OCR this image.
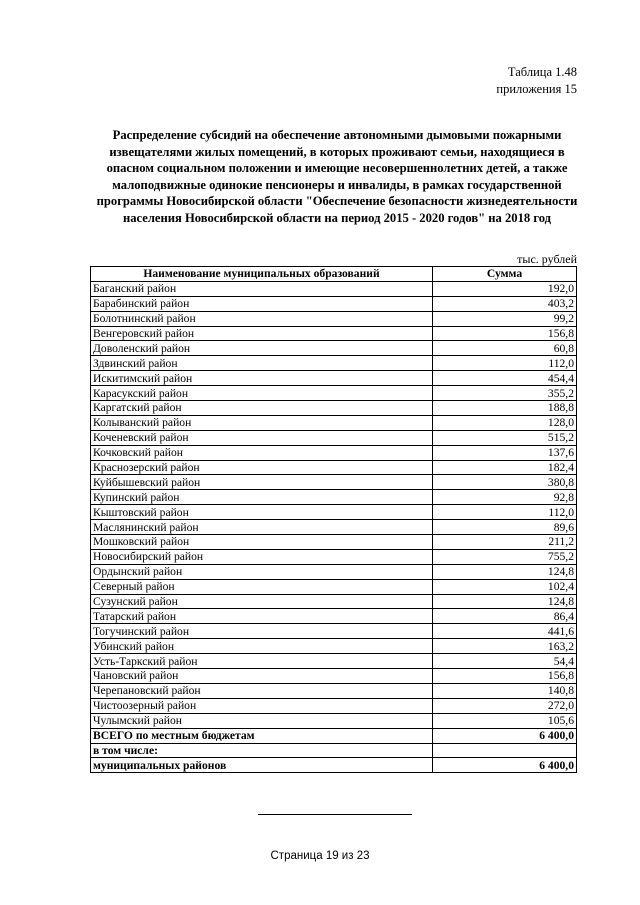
Таблица 1.48
приложения 15
Распределение субсидий на обеспечение автономными дымовыми пожарными извещателями жилых помещений, в которых проживают семьи, находящиеся в опасном социальном положении и имеющие несовершеннолетних детей, а также малоподвижные одинокие пенсионеры и инвалиды, в рамках государственной программы Новосибирской области "Обеспечение безопасности жизнедеятельности населения Новосибирской области на период 2015 - 2020 годов" на 2018 год
тыс. рублей
Наименование муниципальных образований	Сумма
Баганский район	192,0
Барабинский район	403,2
Болотнинский район	99,2
Венгеровский район	156,8
Доволенский район	60,8
Здвинский район	112,0
Искитимский район	454,4
Карасукский район	355,2
Каргатский район	188,8
Колыванский район	128,0
Коченевский район	515,2
Кочковский район	137,6
Краснозерский район	182,4
Куйбышевский район	380,8
Купинский район	92,8
Кыштовский район	112,0
Маслянинский район	89,6
Мошковский район	211,2
Новосибирский район	755,2
Ордынский район	124,8
Северный район	102,4
Сузунский район	124,8
Татарский район	86,4
Тогучинский район	441,6
Убинский район	163,2
Усть-Таркский район	54,4
Чановский район	156,8
Черепановский район	140,8
Чистоозерный район	272,0
Чулымский район	105,6
ВСЕГО по местным бюджетам	6 400,0
в том числе:	
муниципальных районов	6 400,0
Страница 19 из 23
